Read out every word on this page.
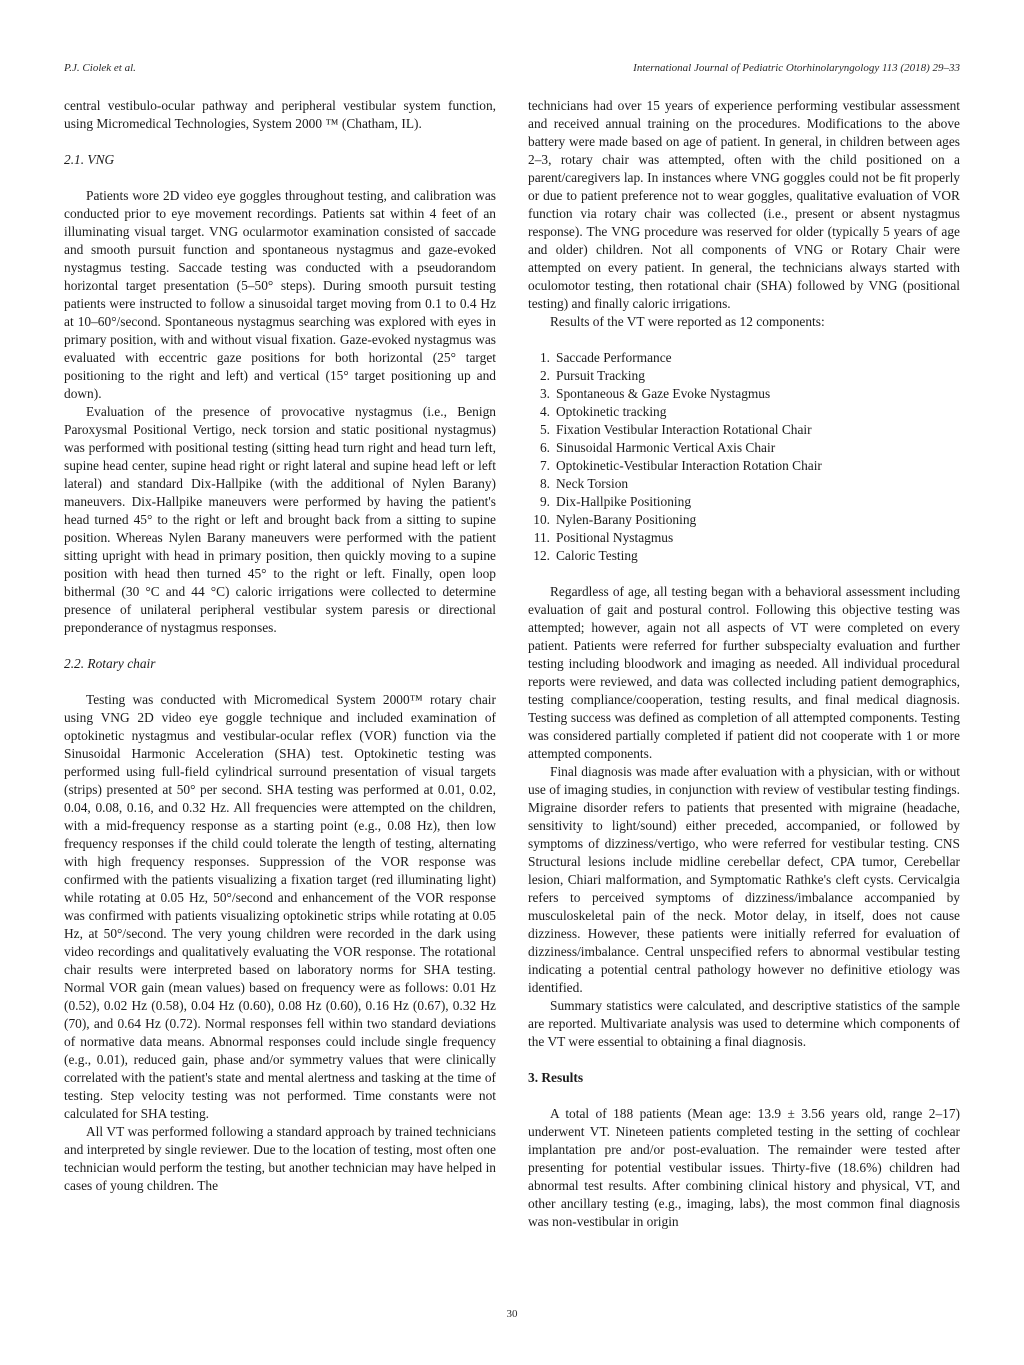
P.J. Ciolek et al.	International Journal of Pediatric Otorhinolaryngology 113 (2018) 29–33

central vestibulo-ocular pathway and peripheral vestibular system function, using Micromedical Technologies, System 2000 ™ (Chatham, IL).

2.1. VNG

Patients wore 2D video eye goggles throughout testing, and calibration was conducted prior to eye movement recordings. Patients sat within 4 feet of an illuminating visual target. VNG ocularmotor examination consisted of saccade and smooth pursuit function and spontaneous nystagmus and gaze-evoked nystagmus testing. Saccade testing was conducted with a pseudorandom horizontal target presentation (5–50° steps). During smooth pursuit testing patients were instructed to follow a sinusoidal target moving from 0.1 to 0.4 Hz at 10–60°/second. Spontaneous nystagmus searching was explored with eyes in primary position, with and without visual fixation. Gaze-evoked nystagmus was evaluated with eccentric gaze positions for both horizontal (25° target positioning to the right and left) and vertical (15° target positioning up and down).

Evaluation of the presence of provocative nystagmus (i.e., Benign Paroxysmal Positional Vertigo, neck torsion and static positional nystagmus) was performed with positional testing (sitting head turn right and head turn left, supine head center, supine head right or right lateral and supine head left or left lateral) and standard Dix-Hallpike (with the additional of Nylen Barany) maneuvers. Dix-Hallpike maneuvers were performed by having the patient's head turned 45° to the right or left and brought back from a sitting to supine position. Whereas Nylen Barany maneuvers were performed with the patient sitting upright with head in primary position, then quickly moving to a supine position with head then turned 45° to the right or left. Finally, open loop bithermal (30 °C and 44 °C) caloric irrigations were collected to determine presence of unilateral peripheral vestibular system paresis or directional preponderance of nystagmus responses.

2.2. Rotary chair

Testing was conducted with Micromedical System 2000™ rotary chair using VNG 2D video eye goggle technique and included examination of optokinetic nystagmus and vestibular-ocular reflex (VOR) function via the Sinusoidal Harmonic Acceleration (SHA) test. Optokinetic testing was performed using full-field cylindrical surround presentation of visual targets (strips) presented at 50° per second. SHA testing was performed at 0.01, 0.02, 0.04, 0.08, 0.16, and 0.32 Hz. All frequencies were attempted on the children, with a mid-frequency response as a starting point (e.g., 0.08 Hz), then low frequency responses if the child could tolerate the length of testing, alternating with high frequency responses. Suppression of the VOR response was confirmed with the patients visualizing a fixation target (red illuminating light) while rotating at 0.05 Hz, 50°/second and enhancement of the VOR response was confirmed with patients visualizing optokinetic strips while rotating at 0.05 Hz, at 50°/second. The very young children were recorded in the dark using video recordings and qualitatively evaluating the VOR response. The rotational chair results were interpreted based on laboratory norms for SHA testing. Normal VOR gain (mean values) based on frequency were as follows: 0.01 Hz (0.52), 0.02 Hz (0.58), 0.04 Hz (0.60), 0.08 Hz (0.60), 0.16 Hz (0.67), 0.32 Hz (70), and 0.64 Hz (0.72). Normal responses fell within two standard deviations of normative data means. Abnormal responses could include single frequency (e.g., 0.01), reduced gain, phase and/or symmetry values that were clinically correlated with the patient's state and mental alertness and tasking at the time of testing. Step velocity testing was not performed. Time constants were not calculated for SHA testing.

All VT was performed following a standard approach by trained technicians and interpreted by single reviewer. Due to the location of testing, most often one technician would perform the testing, but another technician may have helped in cases of young children. The

technicians had over 15 years of experience performing vestibular assessment and received annual training on the procedures. Modifications to the above battery were made based on age of patient. In general, in children between ages 2–3, rotary chair was attempted, often with the child positioned on a parent/caregivers lap. In instances where VNG goggles could not be fit properly or due to patient preference not to wear goggles, qualitative evaluation of VOR function via rotary chair was collected (i.e., present or absent nystagmus response). The VNG procedure was reserved for older (typically 5 years of age and older) children. Not all components of VNG or Rotary Chair were attempted on every patient. In general, the technicians always started with oculomotor testing, then rotational chair (SHA) followed by VNG (positional testing) and finally caloric irrigations.

Results of the VT were reported as 12 components:

1. Saccade Performance
2. Pursuit Tracking
3. Spontaneous & Gaze Evoke Nystagmus
4. Optokinetic tracking
5. Fixation Vestibular Interaction Rotational Chair
6. Sinusoidal Harmonic Vertical Axis Chair
7. Optokinetic-Vestibular Interaction Rotation Chair
8. Neck Torsion
9. Dix-Hallpike Positioning
10. Nylen-Barany Positioning
11. Positional Nystagmus
12. Caloric Testing

Regardless of age, all testing began with a behavioral assessment including evaluation of gait and postural control. Following this objective testing was attempted; however, again not all aspects of VT were completed on every patient. Patients were referred for further subspecialty evaluation and further testing including bloodwork and imaging as needed. All individual procedural reports were reviewed, and data was collected including patient demographics, testing compliance/cooperation, testing results, and final medical diagnosis. Testing success was defined as completion of all attempted components. Testing was considered partially completed if patient did not cooperate with 1 or more attempted components.

Final diagnosis was made after evaluation with a physician, with or without use of imaging studies, in conjunction with review of vestibular testing findings. Migraine disorder refers to patients that presented with migraine (headache, sensitivity to light/sound) either preceded, accompanied, or followed by symptoms of dizziness/vertigo, who were referred for vestibular testing. CNS Structural lesions include midline cerebellar defect, CPA tumor, Cerebellar lesion, Chiari malformation, and Symptomatic Rathke's cleft cysts. Cervicalgia refers to perceived symptoms of dizziness/imbalance accompanied by musculoskeletal pain of the neck. Motor delay, in itself, does not cause dizziness. However, these patients were initially referred for evaluation of dizziness/imbalance. Central unspecified refers to abnormal vestibular testing indicating a potential central pathology however no definitive etiology was identified.

Summary statistics were calculated, and descriptive statistics of the sample are reported. Multivariate analysis was used to determine which components of the VT were essential to obtaining a final diagnosis.

3. Results

A total of 188 patients (Mean age: 13.9 ± 3.56 years old, range 2–17) underwent VT. Nineteen patients completed testing in the setting of cochlear implantation pre and/or post-evaluation. The remainder were tested after presenting for potential vestibular issues. Thirty-five (18.6%) children had abnormal test results. After combining clinical history and physical, VT, and other ancillary testing (e.g., imaging, labs), the most common final diagnosis was non-vestibular in origin

30
